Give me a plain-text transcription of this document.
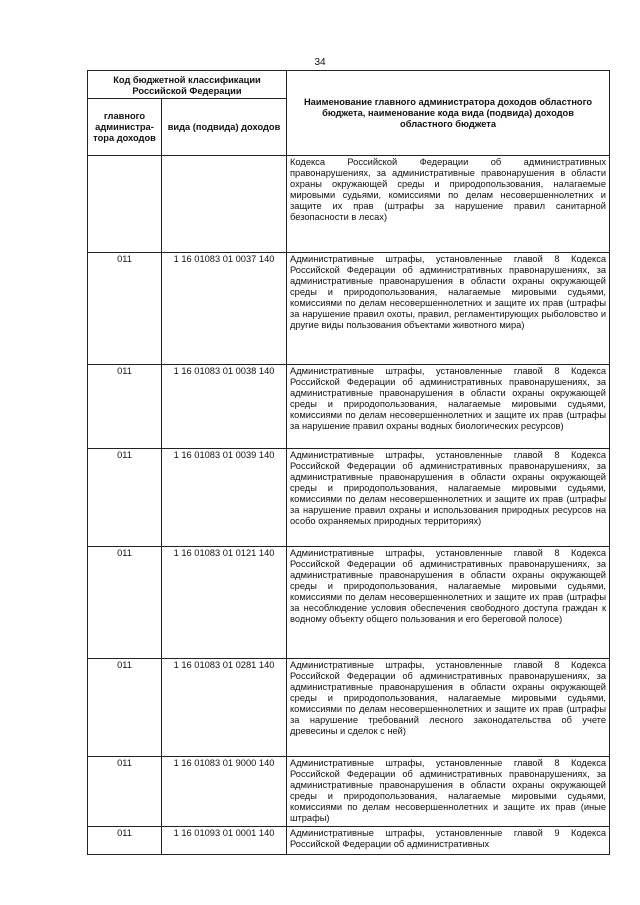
34
Код бюджетной классификации Российской Федерации		Наименование главного администратора доходов областного бюджета, наименование кода вида (подвида) доходов областного бюджета
главного администра-тора доходов	вида (подвида) доходов	
		Кодекса Российской Федерации об административных правонарушениях, за административные правонарушения в области охраны окружающей среды и природопользования, налагаемые мировыми судьями, комиссиями по делам несовершеннолетних и защите их прав (штрафы за нарушение правил санитарной безопасности в лесах)
011	1 16 01083 01 0037 140	Административные штрафы, установленные главой 8 Кодекса Российской Федерации об административных правонарушениях, за административные правонарушения в области охраны окружающей среды и природопользования, налагаемые мировыми судьями, комиссиями по делам несовершеннолетних и защите их прав (штрафы за нарушение правил охоты, правил, регламентирующих рыболовство и другие виды пользования объектами животного мира)
011	1 16 01083 01 0038 140	Административные штрафы, установленные главой 8 Кодекса Российской Федерации об административных правонарушениях, за административные правонарушения в области охраны окружающей среды и природопользования, налагаемые мировыми судьями, комиссиями по делам несовершеннолетних и защите их прав (штрафы за нарушение правил охраны водных биологических ресурсов)
011	1 16 01083 01 0039 140	Административные штрафы, установленные главой 8 Кодекса Российской Федерации об административных правонарушениях, за административные правонарушения в области охраны окружающей среды и природопользования, налагаемые мировыми судьями, комиссиями по делам несовершеннолетних и защите их прав (штрафы за нарушение правил охраны и использования природных ресурсов на особо охраняемых природных территориях)
011	1 16 01083 01 0121 140	Административные штрафы, установленные главой 8 Кодекса Российской Федерации об административных правонарушениях, за административные правонарушения в области охраны окружающей среды и природопользования, налагаемые мировыми судьями, комиссиями по делам несовершеннолетних и защите их прав (штрафы за несоблюдение условия обеспечения свободного доступа граждан к водному объекту общего пользования и его береговой полосе)
011	1 16 01083 01 0281 140	Административные штрафы, установленные главой 8 Кодекса Российской Федерации об административных правонарушениях, за административные правонарушения в области охраны окружающей среды и природопользования, налагаемые мировыми судьями, комиссиями по делам несовершеннолетних и защите их прав (штрафы за нарушение требований лесного законодательства об учете древесины и сделок с ней)
011	1 16 01083 01 9000 140	Административные штрафы, установленные главой 8 Кодекса Российской Федерации об административных правонарушениях, за административные правонарушения в области охраны окружающей среды и природопользования, налагаемые мировыми судьями, комиссиями по делам несовершеннолетних и защите их прав (иные штрафы)
011	1 16 01093 01 0001 140	Административные штрафы, установленные главой 9 Кодекса Российской Федерации об административных
